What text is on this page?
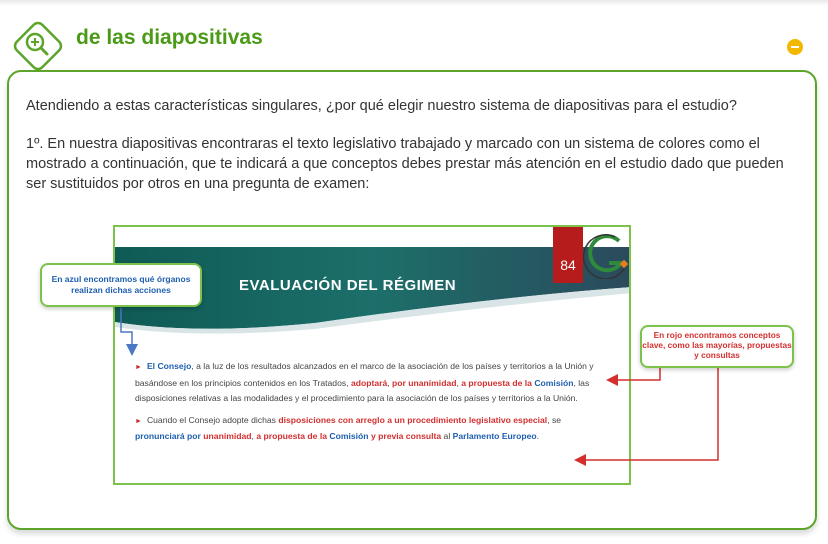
de las diapositivas

Atendiendo a estas características singulares, ¿por qué elegir nuestro sistema de diapositivas para el estudio?

1º. En nuestra diapositivas encontraras el texto legislativo trabajado y marcado con un sistema de colores como el mostrado a continuación, que te indicará a que conceptos debes prestar más atención en el estudio dado que pueden ser sustituidos por otros en una pregunta de examen:

EVALUACIÓN DEL RÉGIMEN
84

► El Consejo, a la luz de los resultados alcanzados en el marco de la asociación de los países y territorios a la Unión y basándose en los principios contenidos en los Tratados, adoptará, por unanimidad, a propuesta de la Comisión, las disposiciones relativas a las modalidades y el procedimiento para la asociación de los países y territorios a la Unión.

► Cuando el Consejo adopte dichas disposiciones con arreglo a un procedimiento legislativo especial, se pronunciará por unanimidad, a propuesta de la Comisión y previa consulta al Parlamento Europeo.

En azul encontramos qué órganos realizan dichas acciones
En rojo encontramos conceptos clave, como las mayorías, propuestas y consultas
